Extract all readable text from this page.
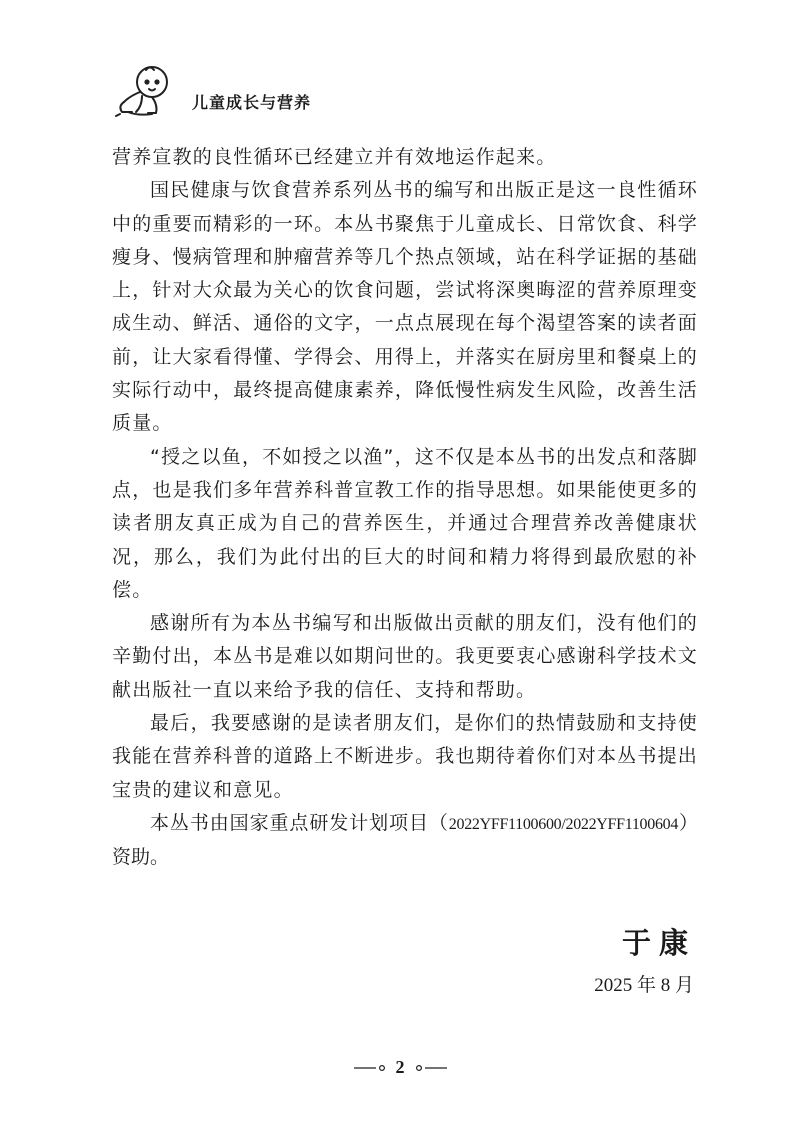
儿童成长与营养

营养宣教的良性循环已经建立并有效地运作起来。

国民健康与饮食营养系列丛书的编写和出版正是这一良性循环中的重要而精彩的一环。本丛书聚焦于儿童成长、日常饮食、科学瘦身、慢病管理和肿瘤营养等几个热点领域，站在科学证据的基础上，针对大众最为关心的饮食问题，尝试将深奥晦涩的营养原理变成生动、鲜活、通俗的文字，一点点展现在每个渴望答案的读者面前，让大家看得懂、学得会、用得上，并落实在厨房里和餐桌上的实际行动中，最终提高健康素养，降低慢性病发生风险，改善生活质量。

“授之以鱼，不如授之以渔”，这不仅是本丛书的出发点和落脚点，也是我们多年营养科普宣教工作的指导思想。如果能使更多的读者朋友真正成为自己的营养医生，并通过合理营养改善健康状况，那么，我们为此付出的巨大的时间和精力将得到最欣慰的补偿。

感谢所有为本丛书编写和出版做出贡献的朋友们，没有他们的辛勤付出，本丛书是难以如期问世的。我更要衷心感谢科学技术文献出版社一直以来给予我的信任、支持和帮助。

最后，我要感谢的是读者朋友们，是你们的热情鼓励和支持使我能在营养科普的道路上不断进步。我也期待着你们对本丛书提出宝贵的建议和意见。

本丛书由国家重点研发计划项目（2022YFF1100600/2022YFF1100604）资助。

于康
2025 年 8 月
2
